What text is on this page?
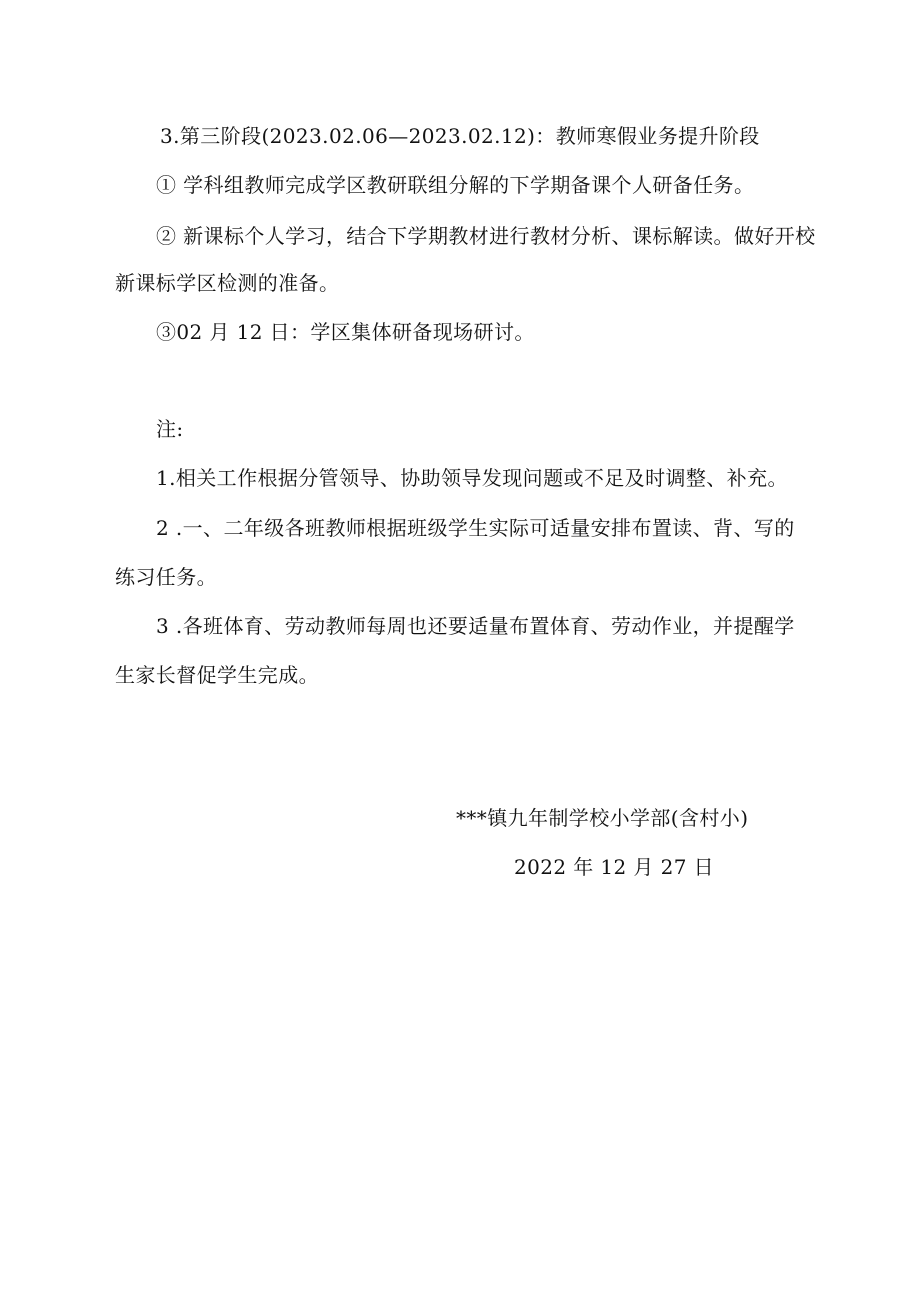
3.第三阶段(2023.02.06—2023.02.12)：教师寒假业务提升阶段
① 学科组教师完成学区教研联组分解的下学期备课个人研备任务。
② 新课标个人学习，结合下学期教材进行教材分析、课标解读。做好开校
新课标学区检测的准备。
③02 月 12 日：学区集体研备现场研讨。
注:
1.相关工作根据分管领导、协助领导发现问题或不足及时调整、补充。
2 .一、二年级各班教师根据班级学生实际可适量安排布置读、背、写的
练习任务。
3 .各班体育、劳动教师每周也还要适量布置体育、劳动作业，并提醒学
生家长督促学生完成。
***镇九年制学校小学部(含村小)
2022 年 12 月 27 日
